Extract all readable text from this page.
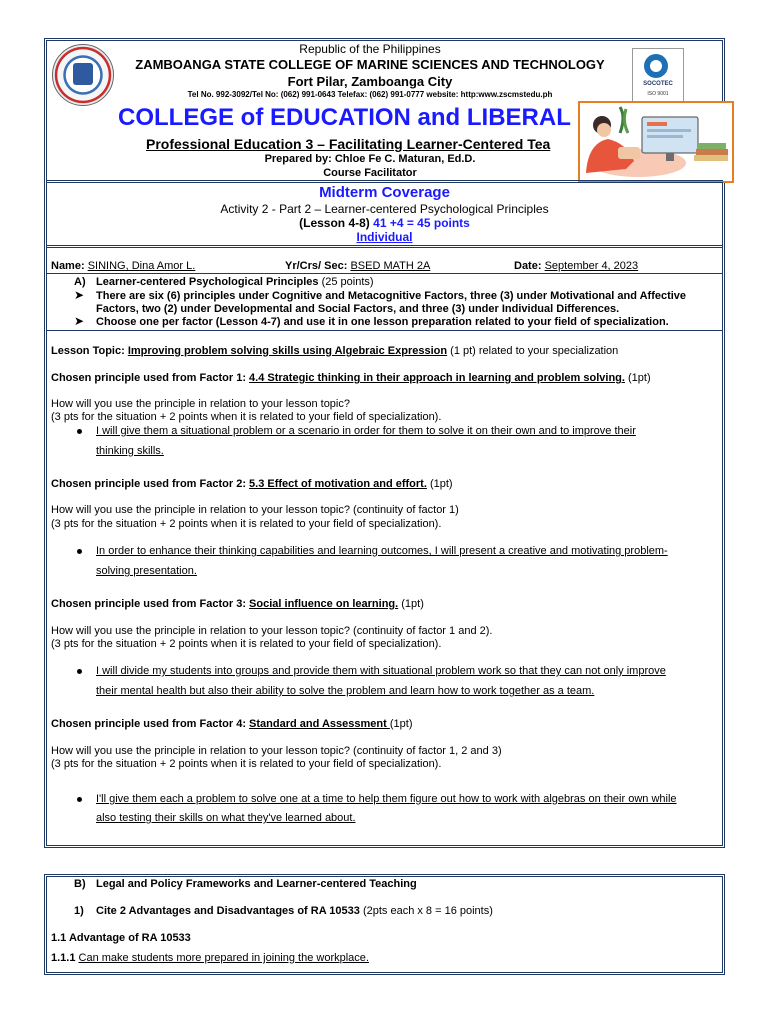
SOCOTEC
ISO 9001
Republic of the Philippines
ZAMBOANGA STATE COLLEGE OF MARINE SCIENCES AND TECHNOLOGY
Fort Pilar, Zamboanga City
Tel No. 992-3092/Tel No: (062) 991-0643 Telefax: (062) 991-0777 website: http:www.zscmstedu.ph
COLLEGE of EDUCATION and LIBERAL
Professional Education 3 – Facilitating Learner-Centered Tea
Prepared by: Chloe Fe C. Maturan, Ed.D.
Course Facilitator
Midterm Coverage
Activity 2 - Part 2 – Learner-centered Psychological Principles
(Lesson 4-8) 41 +4 = 45 points
Individual
Name: SINING, Dina Amor L.	Yr/Crs/ Sec: BSED MATH 2A	Date: September 4, 2023
A) Learner-centered Psychological Principles (25 points)
➤ There are six (6) principles under Cognitive and Metacognitive Factors, three (3) under Motivational and Affective
Factors, two (2) under Developmental and Social Factors, and three (3) under Individual Differences.
➤ Choose one per factor (Lesson 4-7) and use it in one lesson preparation related to your field of specialization.
Lesson Topic: Improving problem solving skills using Algebraic Expression (1 pt) related to your specialization
Chosen principle used from Factor 1: 4.4 Strategic thinking in their approach in learning and problem solving. (1pt)
How will you use the principle in relation to your lesson topic?
(3 pts for the situation + 2 points when it is related to your field of specialization).
I will give them a situational problem or a scenario in order for them to solve it on their own and to improve their
thinking skills.
Chosen principle used from Factor 2: 5.3 Effect of motivation and effort. (1pt)
How will you use the principle in relation to your lesson topic? (continuity of factor 1)
(3 pts for the situation + 2 points when it is related to your field of specialization).
In order to enhance their thinking capabilities and learning outcomes, I will present a creative and motivating problem-
solving presentation.
Chosen principle used from Factor 3: Social influence on learning. (1pt)
How will you use the principle in relation to your lesson topic? (continuity of factor 1 and 2).
(3 pts for the situation + 2 points when it is related to your field of specialization).
I will divide my students into groups and provide them with situational problem work so that they can not only improve
their mental health but also their ability to solve the problem and learn how to work together as a team.
Chosen principle used from Factor 4: Standard and Assessment (1pt)
How will you use the principle in relation to your lesson topic? (continuity of factor 1, 2 and 3)
(3 pts for the situation + 2 points when it is related to your field of specialization).
I'll give them each a problem to solve one at a time to help them figure out how to work with algebras on their own while
also testing their skills on what they've learned about.
B) Legal and Policy Frameworks and Learner-centered Teaching
1) Cite 2 Advantages and Disadvantages of RA 10533 (2pts each x 8 = 16 points)
1.1 Advantage of RA 10533
1.1.1 Can make students more prepared in joining the workplace.
